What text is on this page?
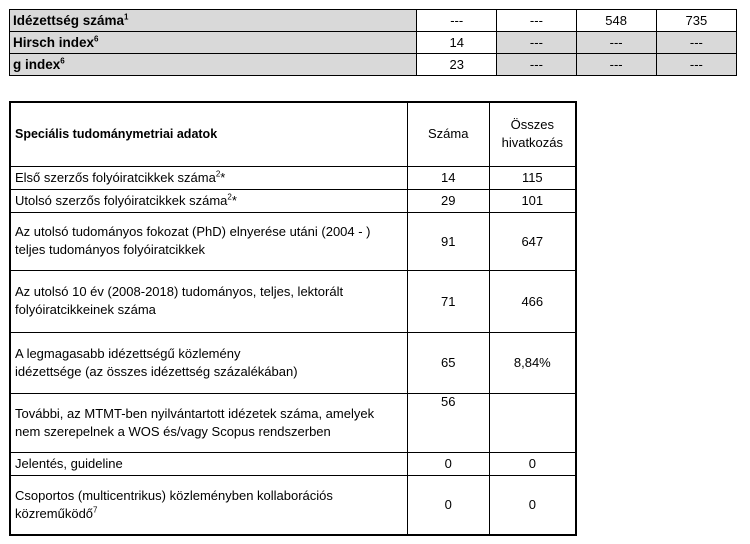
Idézettség száma$^1$	---	---	548	735
Hirsch index$^6$	14	---	---	---
g index$^6$	23	---	---	---
Speciális tudománymetriai adatok	Száma	Összes
hivatkozás
Első szerzős folyóiratcikkek száma$^2$*	14	115
Utolsó szerzős folyóiratcikkek száma$^2$*	29	101
Az utolsó tudományos fokozat (PhD) elnyerése utáni (2004 - )
teljes tudományos folyóiratcikkek	91	647
Az utolsó 10 év (2008-2018) tudományos, teljes, lektorált
folyóiratcikkeinek száma	71	466
A legmagasabb idézettségű közlemény
idézettsége (az összes idézettség százalékában)	65	8,84%
További, az MTMT-ben nyilvántartott idézetek száma, amelyek
nem szerepelnek a WOS és/vagy Scopus rendszerben	56	
Jelentés, guideline	0	0
Csoportos (multicentrikus) közleményben kollaborációs
közreműködő$^7$	0	0
